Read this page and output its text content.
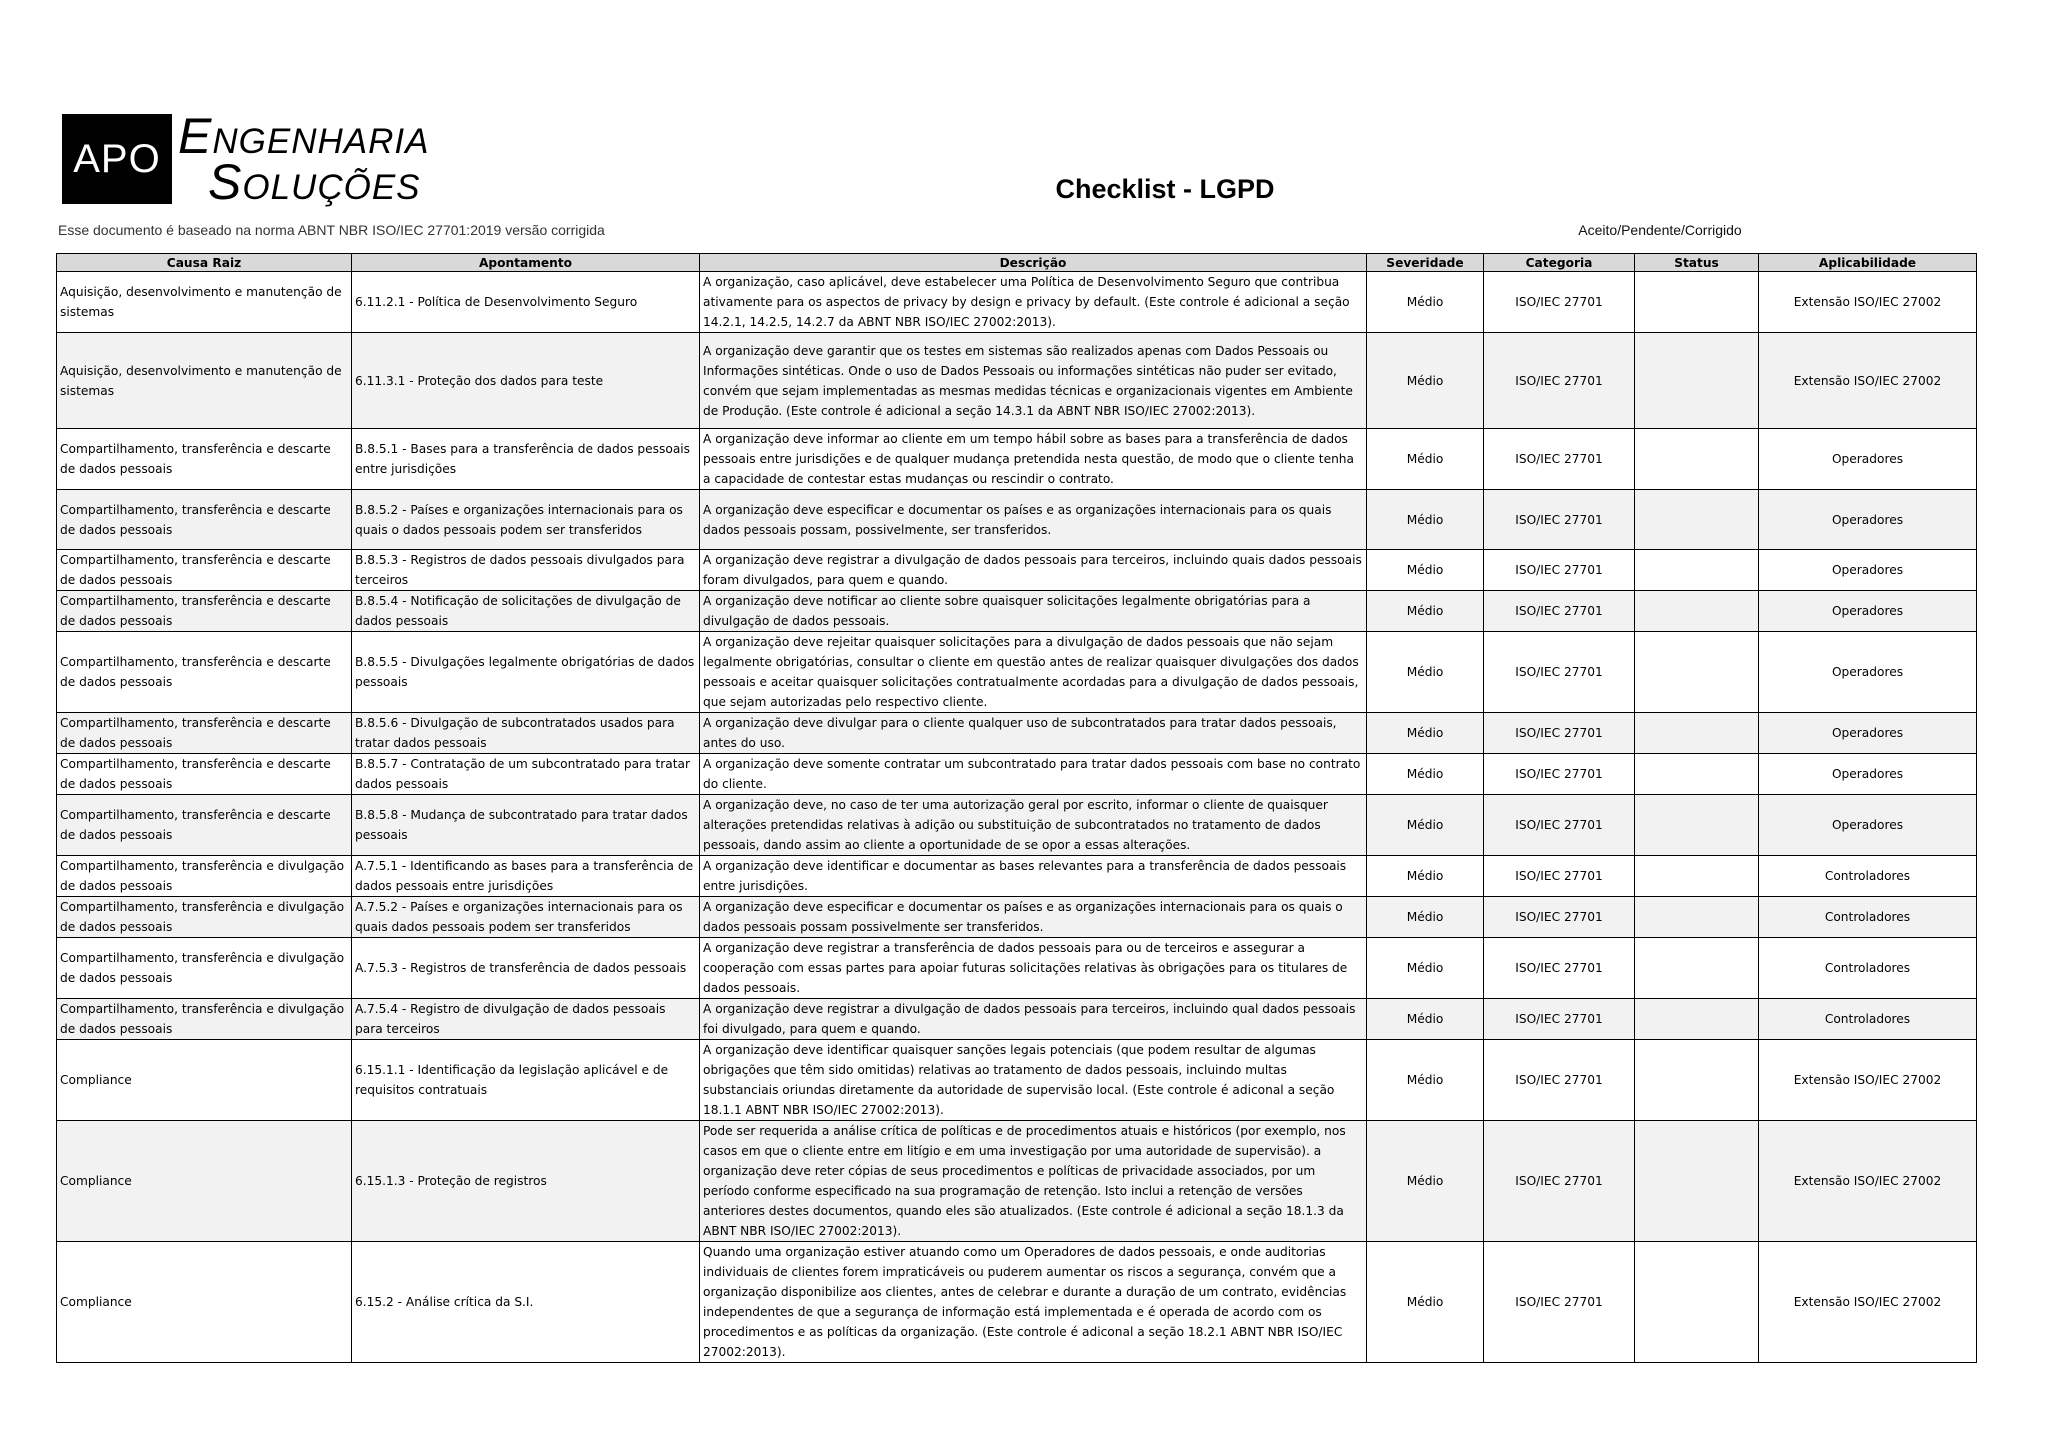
APO Engenharia
Soluções	Checklist - LGPD
Esse documento é baseado na norma ABNT NBR ISO/IEC 27701:2019 versão corrigida	Aceito/Pendente/Corrigido
Causa Raiz	Apontamento	Descrição	Severidade	Categoria	Status	Aplicabilidade
Aquisição, desenvolvimento e manutenção de sistemas	6.11.2.1 - Política de Desenvolvimento Seguro	A organização, caso aplicável, deve estabelecer uma Política de Desenvolvimento Seguro que contribua ativamente para os aspectos de privacy by design e privacy by default. (Este controle é adicional a seção 14.2.1, 14.2.5, 14.2.7 da ABNT NBR ISO/IEC 27002:2013).	Médio	ISO/IEC 27701		Extensão ISO/IEC 27002
Aquisição, desenvolvimento e manutenção de sistemas	6.11.3.1 - Proteção dos dados para teste	A organização deve garantir que os testes em sistemas são realizados apenas com Dados Pessoais ou Informações sintéticas. Onde o uso de Dados Pessoais ou informações sintéticas não puder ser evitado, convém que sejam implementadas as mesmas medidas técnicas e organizacionais vigentes em Ambiente de Produção. (Este controle é adicional a seção 14.3.1 da ABNT NBR ISO/IEC 27002:2013).	Médio	ISO/IEC 27701		Extensão ISO/IEC 27002
Compartilhamento, transferência e descarte de dados pessoais	B.8.5.1 - Bases para a transferência de dados pessoais entre jurisdições	A organização deve informar ao cliente em um tempo hábil sobre as bases para a transferência de dados pessoais entre jurisdições e de qualquer mudança pretendida nesta questão, de modo que o cliente tenha a capacidade de contestar estas mudanças ou rescindir o contrato.	Médio	ISO/IEC 27701		Operadores
Compartilhamento, transferência e descarte de dados pessoais	B.8.5.2 - Países e organizações internacionais para os quais o dados pessoais podem ser transferidos	A organização deve especificar e documentar os países e as organizações internacionais para os quais dados pessoais possam, possivelmente, ser transferidos.	Médio	ISO/IEC 27701		Operadores
Compartilhamento, transferência e descarte de dados pessoais	B.8.5.3 - Registros de dados pessoais divulgados para terceiros	A organização deve registrar a divulgação de dados pessoais para terceiros, incluindo quais dados pessoais foram divulgados, para quem e quando.	Médio	ISO/IEC 27701		Operadores
Compartilhamento, transferência e descarte de dados pessoais	B.8.5.4 - Notificação de solicitações de divulgação de dados pessoais	A organização deve notificar ao cliente sobre quaisquer solicitações legalmente obrigatórias para a divulgação de dados pessoais.	Médio	ISO/IEC 27701		Operadores
Compartilhamento, transferência e descarte de dados pessoais	B.8.5.5 - Divulgações legalmente obrigatórias de dados pessoais	A organização deve rejeitar quaisquer solicitações para a divulgação de dados pessoais que não sejam legalmente obrigatórias, consultar o cliente em questão antes de realizar quaisquer divulgações dos dados pessoais e aceitar quaisquer solicitações contratualmente acordadas para a divulgação de dados pessoais, que sejam autorizadas pelo respectivo cliente.	Médio	ISO/IEC 27701		Operadores
Compartilhamento, transferência e descarte de dados pessoais	B.8.5.6 - Divulgação de subcontratados usados para tratar dados pessoais	A organização deve divulgar para o cliente qualquer uso de subcontratados para tratar dados pessoais, antes do uso.	Médio	ISO/IEC 27701		Operadores
Compartilhamento, transferência e descarte de dados pessoais	B.8.5.7 - Contratação de um subcontratado para tratar dados pessoais	A organização deve somente contratar um subcontratado para tratar dados pessoais com base no contrato do cliente.	Médio	ISO/IEC 27701		Operadores
Compartilhamento, transferência e descarte de dados pessoais	B.8.5.8 - Mudança de subcontratado para tratar dados pessoais	A organização deve, no caso de ter uma autorização geral por escrito, informar o cliente de quaisquer alterações pretendidas relativas à adição ou substituição de subcontratados no tratamento de dados pessoais, dando assim ao cliente a oportunidade de se opor a essas alterações.	Médio	ISO/IEC 27701		Operadores
Compartilhamento, transferência e divulgação de dados pessoais	A.7.5.1 - Identificando as bases para a transferência de dados pessoais entre jurisdições	A organização deve identificar e documentar as bases relevantes para a transferência de dados pessoais entre jurisdições.	Médio	ISO/IEC 27701		Controladores
Compartilhamento, transferência e divulgação de dados pessoais	A.7.5.2 - Países e organizações internacionais para os quais dados pessoais podem ser transferidos	A organização deve especificar e documentar os países e as organizações internacionais para os quais o dados pessoais possam possivelmente ser transferidos.	Médio	ISO/IEC 27701		Controladores
Compartilhamento, transferência e divulgação de dados pessoais	A.7.5.3 - Registros de transferência de dados pessoais	A organização deve registrar a transferência de dados pessoais para ou de terceiros e assegurar a cooperação com essas partes para apoiar futuras solicitações relativas às obrigações para os titulares de dados pessoais.	Médio	ISO/IEC 27701		Controladores
Compartilhamento, transferência e divulgação de dados pessoais	A.7.5.4 - Registro de divulgação de dados pessoais para terceiros	A organização deve registrar a divulgação de dados pessoais para terceiros, incluindo qual dados pessoais foi divulgado, para quem e quando.	Médio	ISO/IEC 27701		Controladores
Compliance	6.15.1.1 - Identificação da legislação aplicável e de requisitos contratuais	A organização deve identificar quaisquer sanções legais potenciais (que podem resultar de algumas obrigações que têm sido omitidas) relativas ao tratamento de dados pessoais, incluindo multas substanciais oriundas diretamente da autoridade de supervisão local. (Este controle é adiconal a seção 18.1.1 ABNT NBR ISO/IEC 27002:2013).	Médio	ISO/IEC 27701		Extensão ISO/IEC 27002
Compliance	6.15.1.3 - Proteção de registros	Pode ser requerida a análise crítica de políticas e de procedimentos atuais e históricos (por exemplo, nos casos em que o cliente entre em litígio e em uma investigação por uma autoridade de supervisão). a organização deve reter cópias de seus procedimentos e políticas de privacidade associados, por um período conforme especificado na sua programação de retenção. Isto inclui a retenção de versões anteriores destes documentos, quando eles são atualizados. (Este controle é adicional a seção 18.1.3 da ABNT NBR ISO/IEC 27002:2013).	Médio	ISO/IEC 27701		Extensão ISO/IEC 27002
Compliance	6.15.2 - Análise crítica da S.I.	Quando uma organização estiver atuando como um Operadores de dados pessoais, e onde auditorias individuais de clientes forem impraticáveis ou puderem aumentar os riscos a segurança, convém que a organização disponibilize aos clientes, antes de celebrar e durante a duração de um contrato, evidências independentes de que a segurança de informação está implementada e é operada de acordo com os procedimentos e as políticas da organização. (Este controle é adiconal a seção 18.2.1 ABNT NBR ISO/IEC 27002:2013).	Médio	ISO/IEC 27701		Extensão ISO/IEC 27002
